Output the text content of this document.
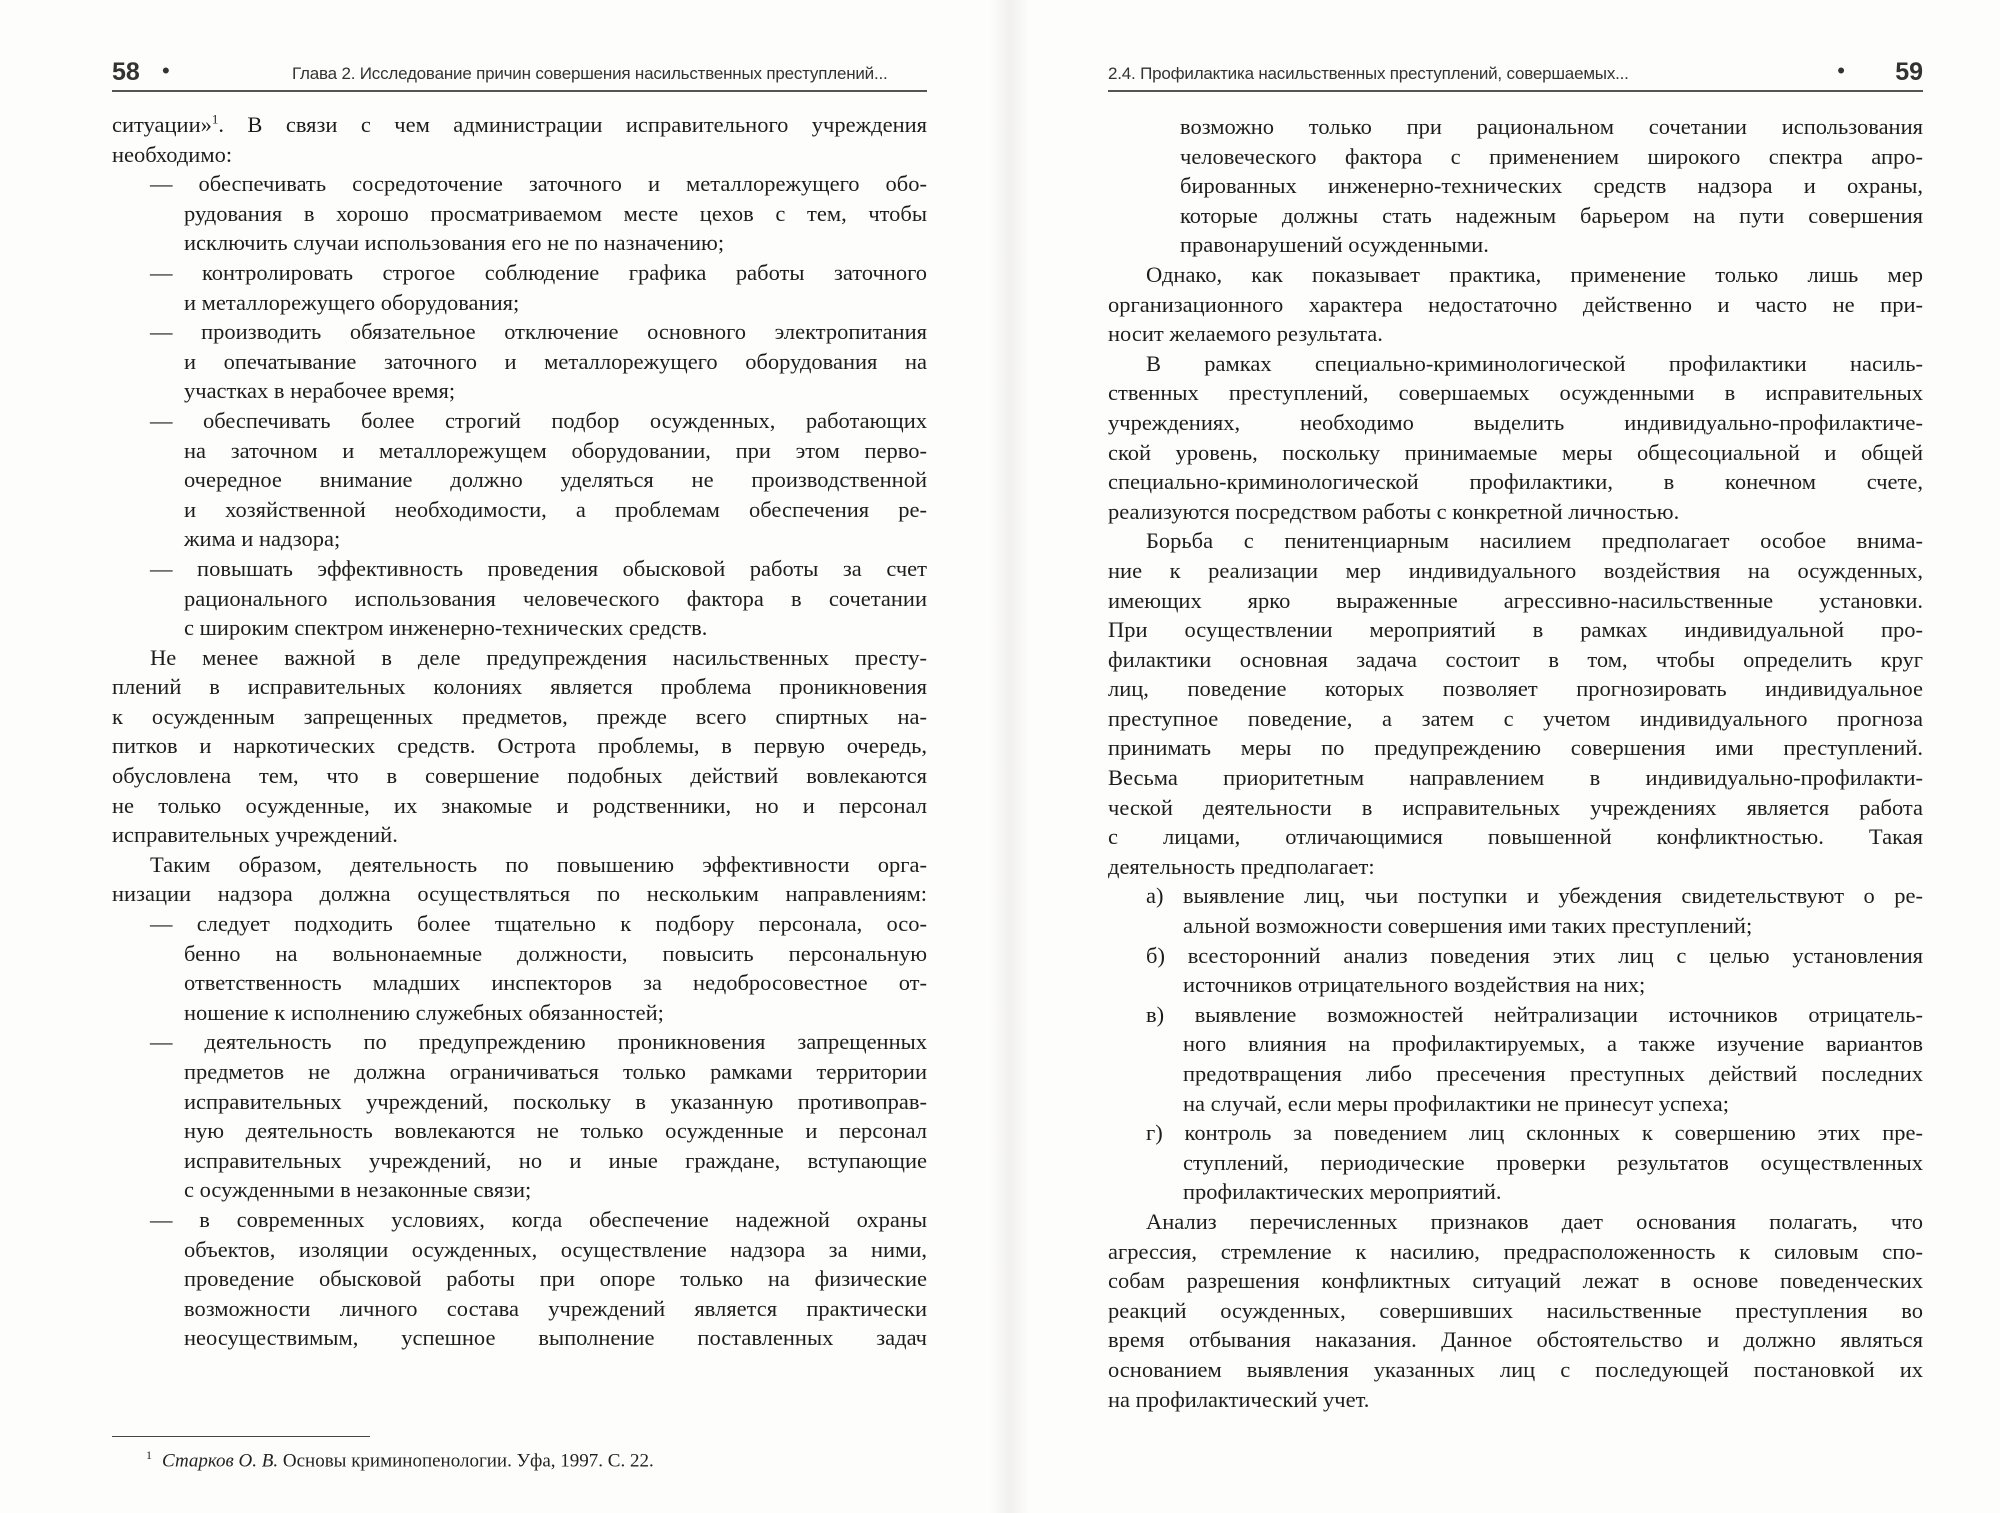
58 •	Глава 2. Исследование причин совершения насильственных преступлений...
ситуации»$^1$. В связи с чем администрации исправительного учреждения
необходимо:
— обеспечивать сосредоточение заточного и металлорежущего обо-
рудования в хорошо просматриваемом месте цехов с тем, чтобы
исключить случаи использования его не по назначению;
— контролировать строгое соблюдение графика работы заточного
и металлорежущего оборудования;
— производить обязательное отключение основного электропитания
и опечатывание заточного и металлорежущего оборудования на
участках в нерабочее время;
— обеспечивать более строгий подбор осужденных, работающих
на заточном и металлорежущем оборудовании, при этом перво-
очередное внимание должно уделяться не производственной
и хозяйственной необходимости, а проблемам обеспечения ре-
жима и надзора;
— повышать эффективность проведения обысковой работы за счет
рационального использования человеческого фактора в сочетании
с широким спектром инженерно-технических средств.
Не менее важной в деле предупреждения насильственных престу-
плений в исправительных колониях является проблема проникновения
к осужденным запрещенных предметов, прежде всего спиртных на-
питков и наркотических средств. Острота проблемы, в первую очередь,
обусловлена тем, что в совершение подобных действий вовлекаются
не только осужденные, их знакомые и родственники, но и персонал
исправительных учреждений.
Таким образом, деятельность по повышению эффективности орга-
низации надзора должна осуществляться по нескольким направлениям:
— следует подходить более тщательно к подбору персонала, осо-
бенно на вольнонаемные должности, повысить персональную
ответственность младших инспекторов за недобросовестное от-
ношение к исполнению служебных обязанностей;
— деятельность по предупреждению проникновения запрещенных
предметов не должна ограничиваться только рамками территории
исправительных учреждений, поскольку в указанную противоправ-
ную деятельность вовлекаются не только осужденные и персонал
исправительных учреждений, но и иные граждане, вступающие
с осужденными в незаконные связи;
— в современных условиях, когда обеспечение надежной охраны
объектов, изоляции осужденных, осуществление надзора за ними,
проведение обысковой работы при опоре только на физические
возможности личного состава учреждений является практически
неосуществимым, успешное выполнение поставленных задач
$^1$ Старков О. В. Основы криминопенологии. Уфа, 1997. С. 22.
2.4. Профилактика насильственных преступлений, совершаемых...	• 59
возможно только при рациональном сочетании использования
человеческого фактора с применением широкого спектра апро-
бированных инженерно-технических средств надзора и охраны,
которые должны стать надежным барьером на пути совершения
правонарушений осужденными.
Однако, как показывает практика, применение только лишь мер
организационного характера недостаточно действенно и часто не при-
носит желаемого результата.
В рамках специально-криминологической профилактики насиль-
ственных преступлений, совершаемых осужденными в исправительных
учреждениях, необходимо выделить индивидуально-профилактиче-
ской уровень, поскольку принимаемые меры общесоциальной и общей
специально-криминологической профилактики, в конечном счете,
реализуются посредством работы с конкретной личностью.
Борьба с пенитенциарным насилием предполагает особое внима-
ние к реализации мер индивидуального воздействия на осужденных,
имеющих ярко выраженные агрессивно-насильственные установки.
При осуществлении мероприятий в рамках индивидуальной про-
филактики основная задача состоит в том, чтобы определить круг
лиц, поведение которых позволяет прогнозировать индивидуальное
преступное поведение, а затем с учетом индивидуального прогноза
принимать меры по предупреждению совершения ими преступлений.
Весьма приоритетным направлением в индивидуально-профилакти-
ческой деятельности в исправительных учреждениях является работа
с лицами, отличающимися повышенной конфликтностью. Такая
деятельность предполагает:
а) выявление лиц, чьи поступки и убеждения свидетельствуют о ре-
альной возможности совершения ими таких преступлений;
б) всесторонний анализ поведения этих лиц с целью установления
источников отрицательного воздействия на них;
в) выявление возможностей нейтрализации источников отрицатель-
ного влияния на профилактируемых, а также изучение вариантов
предотвращения либо пресечения преступных действий последних
на случай, если меры профилактики не принесут успеха;
г) контроль за поведением лиц склонных к совершению этих пре-
ступлений, периодические проверки результатов осуществленных
профилактических мероприятий.
Анализ перечисленных признаков дает основания полагать, что
агрессия, стремление к насилию, предрасположенность к силовым спо-
собам разрешения конфликтных ситуаций лежат в основе поведенческих
реакций осужденных, совершивших насильственные преступления во
время отбывания наказания. Данное обстоятельство и должно являться
основанием выявления указанных лиц с последующей постановкой их
на профилактический учет.
